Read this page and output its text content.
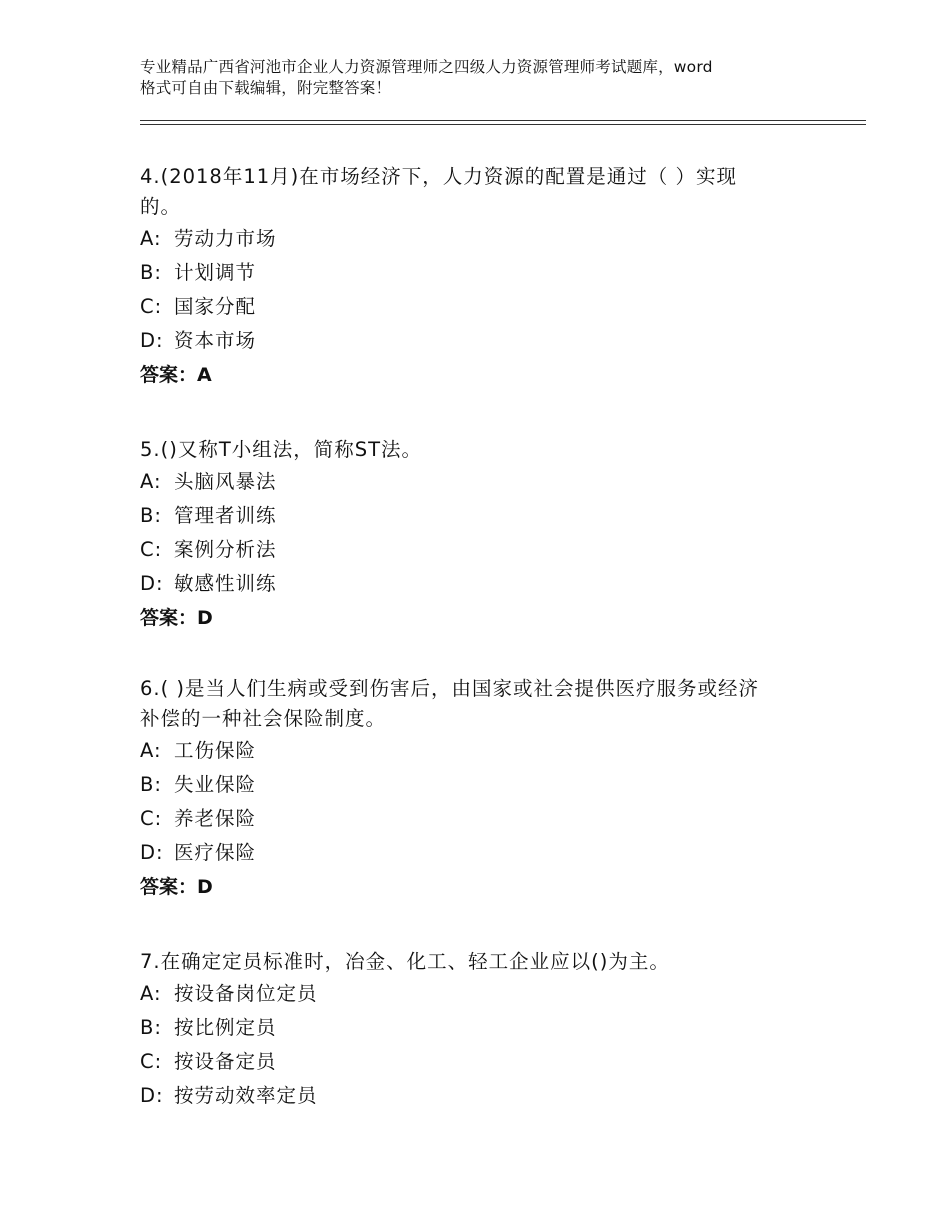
专业精品广西省河池市企业人力资源管理师之四级人力资源管理师考试题库，word
格式可自由下载编辑，附完整答案！

4.(2018年11月)在市场经济下，人力资源的配置是通过（ ）实现
的。

A: 劳动力市场

B: 计划调节

C: 国家分配

D: 资本市场

答案：A

5.()又称T小组法，简称ST法。

A: 头脑风暴法

B: 管理者训练

C: 案例分析法

D: 敏感性训练

答案：D

6.( )是当人们生病或受到伤害后，由国家或社会提供医疗服务或经济
补偿的一种社会保险制度。

A: 工伤保险

B: 失业保险

C: 养老保险

D: 医疗保险

答案：D

7.在确定定员标准时，冶金、化工、轻工企业应以()为主。

A: 按设备岗位定员

B: 按比例定员

C: 按设备定员

D: 按劳动效率定员
